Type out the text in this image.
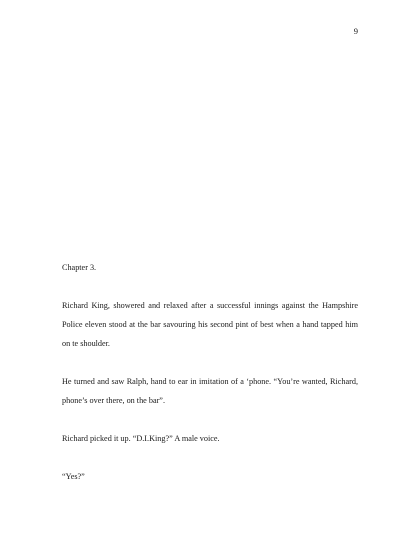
9
Chapter 3.

Richard King, showered and relaxed after a successful innings against the Hampshire Police eleven stood at the bar savouring his second pint of best when a hand tapped him on te shoulder.

He turned and saw Ralph, hand to ear in imitation of a ‘phone. “You’re wanted, Richard, phone’s over there, on the bar”.

Richard picked it up. “D.I.King?” A male voice.

“Yes?”
